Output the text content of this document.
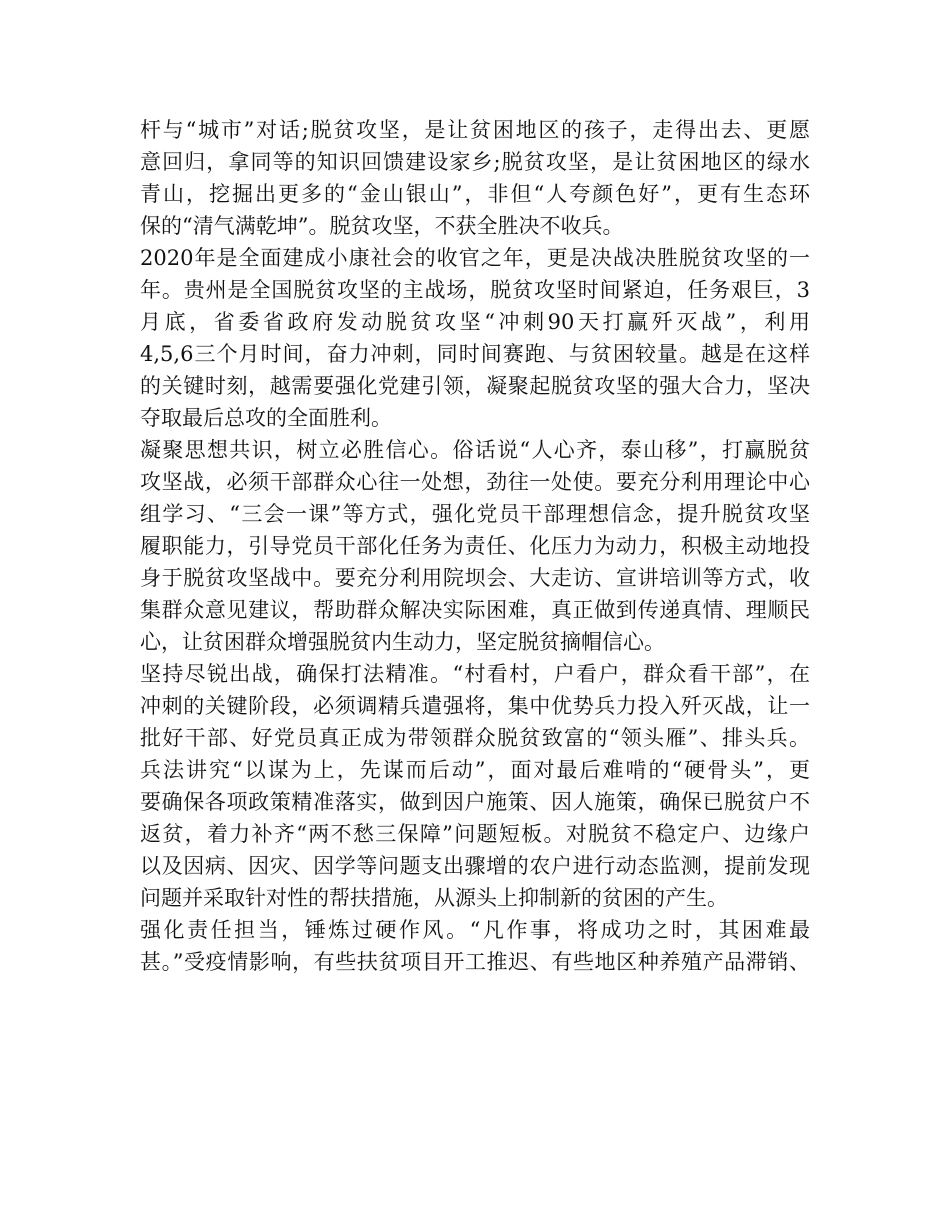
杆与“城市”对话;脱贫攻坚，是让贫困地区的孩子，走得出去、更愿
意回归，拿同等的知识回馈建设家乡;脱贫攻坚，是让贫困地区的绿水
青山，挖掘出更多的“金山银山”，非但“人夸颜色好”，更有生态环
保的“清气满乾坤”。脱贫攻坚，不获全胜决不收兵。
2020年是全面建成小康社会的收官之年，更是决战决胜脱贫攻坚的一
年。贵州是全国脱贫攻坚的主战场，脱贫攻坚时间紧迫，任务艰巨，3
月底，省委省政府发动脱贫攻坚“冲刺90天打赢歼灭战”，利用
4,5,6三个月时间，奋力冲刺，同时间赛跑、与贫困较量。越是在这样
的关键时刻，越需要强化党建引领，凝聚起脱贫攻坚的强大合力，坚决
夺取最后总攻的全面胜利。
凝聚思想共识，树立必胜信心。俗话说“人心齐，泰山移”，打赢脱贫
攻坚战，必须干部群众心往一处想，劲往一处使。要充分利用理论中心
组学习、“三会一课”等方式，强化党员干部理想信念，提升脱贫攻坚
履职能力，引导党员干部化任务为责任、化压力为动力，积极主动地投
身于脱贫攻坚战中。要充分利用院坝会、大走访、宣讲培训等方式，收
集群众意见建议，帮助群众解决实际困难，真正做到传递真情、理顺民
心，让贫困群众增强脱贫内生动力，坚定脱贫摘帽信心。
坚持尽锐出战，确保打法精准。“村看村，户看户，群众看干部”，在
冲刺的关键阶段，必须调精兵遣强将，集中优势兵力投入歼灭战，让一
批好干部、好党员真正成为带领群众脱贫致富的“领头雁”、排头兵。
兵法讲究“以谋为上，先谋而后动”，面对最后难啃的“硬骨头”，更
要确保各项政策精准落实，做到因户施策、因人施策，确保已脱贫户不
返贫，着力补齐“两不愁三保障”问题短板。对脱贫不稳定户、边缘户
以及因病、因灾、因学等问题支出骤增的农户进行动态监测，提前发现
问题并采取针对性的帮扶措施，从源头上抑制新的贫困的产生。
强化责任担当，锤炼过硬作风。“凡作事，将成功之时，其困难最
甚。”受疫情影响，有些扶贫项目开工推迟、有些地区种养殖产品滞销、
